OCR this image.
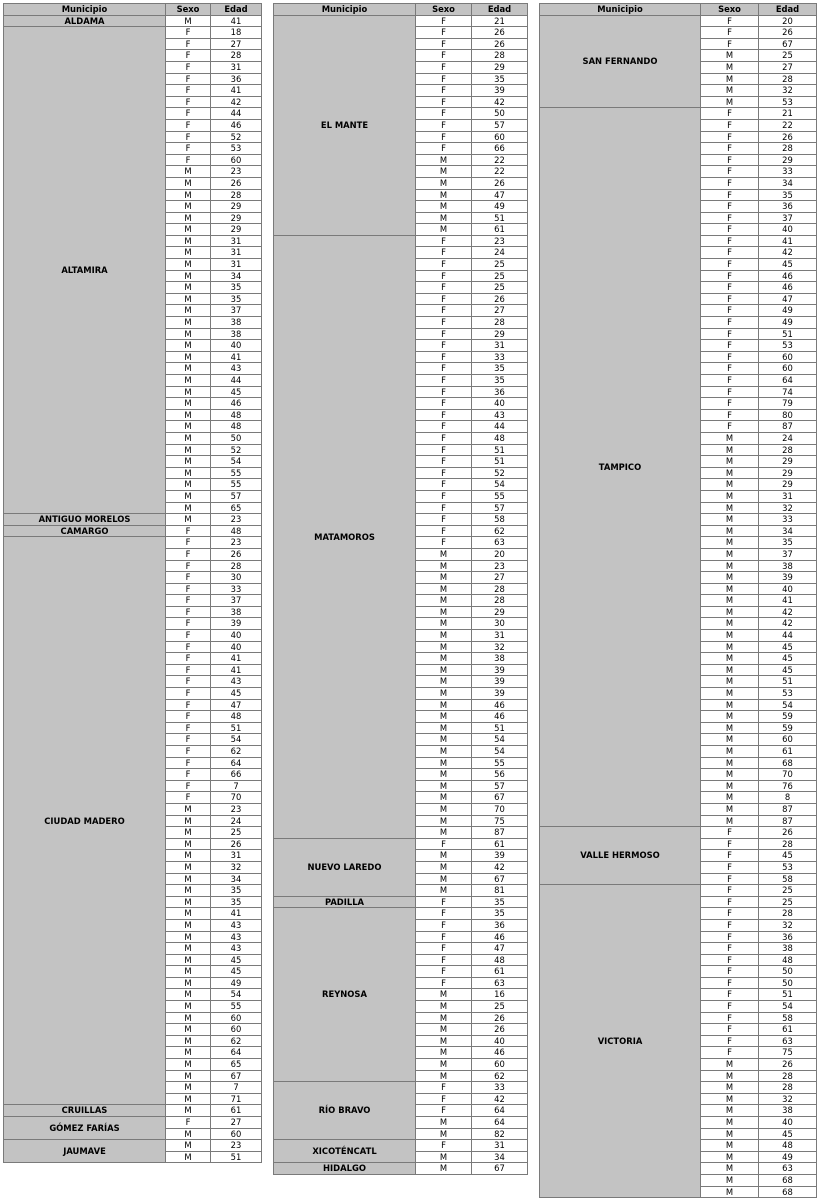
Municipio	Sexo	Edad
ALDAMA	M	41
ALTAMIRA	F	18
	F	27
	F	28
	F	31
	F	36
	F	41
	F	42
	F	44
	F	46
	F	52
	F	53
	F	60
	M	23
	M	26
	M	28
	M	29
	M	29
	M	29
	M	31
	M	31
	M	31
	M	34
	M	35
	M	35
	M	37
	M	38
	M	38
	M	40
	M	41
	M	43
	M	44
	M	45
	M	46
	M	48
	M	48
	M	50
	M	52
	M	54
	M	55
	M	55
	M	57
	M	65
ANTIGUO MORELOS	M	23
CAMARGO	F	48
CIUDAD MADERO	F	23
	F	26
	F	28
	F	30
	F	33
	F	37
	F	38
	F	39
	F	40
	F	40
	F	41
	F	41
	F	43
	F	45
	F	47
	F	48
	F	51
	F	54
	F	62
	F	64
	F	66
	F	7
	F	70
	M	23
	M	24
	M	25
	M	26
	M	31
	M	32
	M	34
	M	35
	M	35
	M	41
	M	43
	M	43
	M	43
	M	45
	M	45
	M	49
	M	54
	M	55
	M	60
	M	60
	M	62
	M	64
	M	65
	M	67
	M	7
	M	71
CRUILLAS	M	61
GÓMEZ FARÍAS	F	27
	M	60
JAUMAVE	M	23
	M	51
Municipio	Sexo	Edad
EL MANTE	F	21
	F	26
	F	26
	F	28
	F	29
	F	35
	F	39
	F	42
	F	50
	F	57
	F	60
	F	66
	M	22
	M	22
	M	26
	M	47
	M	49
	M	51
	M	61
MATAMOROS	F	23
	F	24
	F	25
	F	25
	F	25
	F	26
	F	27
	F	28
	F	29
	F	31
	F	33
	F	35
	F	35
	F	36
	F	40
	F	43
	F	44
	F	48
	F	51
	F	51
	F	52
	F	54
	F	55
	F	57
	F	58
	F	62
	F	63
	M	20
	M	23
	M	27
	M	28
	M	28
	M	29
	M	30
	M	31
	M	32
	M	38
	M	39
	M	39
	M	39
	M	46
	M	46
	M	51
	M	54
	M	54
	M	55
	M	56
	M	57
	M	67
	M	70
	M	75
	M	87
NUEVO LAREDO	F	61
	M	39
	M	42
	M	67
	M	81
PADILLA	F	35
REYNOSA	F	35
	F	36
	F	46
	F	47
	F	48
	F	61
	F	63
	M	16
	M	25
	M	26
	M	26
	M	40
	M	46
	M	60
	M	62
RÍO BRAVO	F	33
	F	42
	F	64
	M	64
	M	82
XICOTÉNCATL	F	31
	M	34
HIDALGO	M	67
Municipio	Sexo	Edad
SAN FERNANDO	F	20
	F	26
	F	67
	M	25
	M	27
	M	28
	M	32
	M	53
TAMPICO	F	21
	F	22
	F	26
	F	28
	F	29
	F	33
	F	34
	F	35
	F	36
	F	37
	F	40
	F	41
	F	42
	F	45
	F	46
	F	46
	F	47
	F	49
	F	49
	F	51
	F	53
	F	60
	F	60
	F	64
	F	74
	F	79
	F	80
	F	87
	M	24
	M	28
	M	29
	M	29
	M	29
	M	31
	M	32
	M	33
	M	34
	M	35
	M	37
	M	38
	M	39
	M	40
	M	41
	M	42
	M	42
	M	44
	M	45
	M	45
	M	45
	M	51
	M	53
	M	54
	M	59
	M	59
	M	60
	M	61
	M	68
	M	70
	M	76
	M	8
	M	87
	M	87
VALLE HERMOSO	F	26
	F	28
	F	45
	F	53
	F	58
VICTORIA	F	25
	F	25
	F	28
	F	32
	F	36
	F	38
	F	48
	F	50
	F	50
	F	51
	F	54
	F	58
	F	61
	F	63
	F	75
	M	26
	M	28
	M	28
	M	32
	M	38
	M	40
	M	45
	M	48
	M	49
	M	63
	M	68
	M	68
